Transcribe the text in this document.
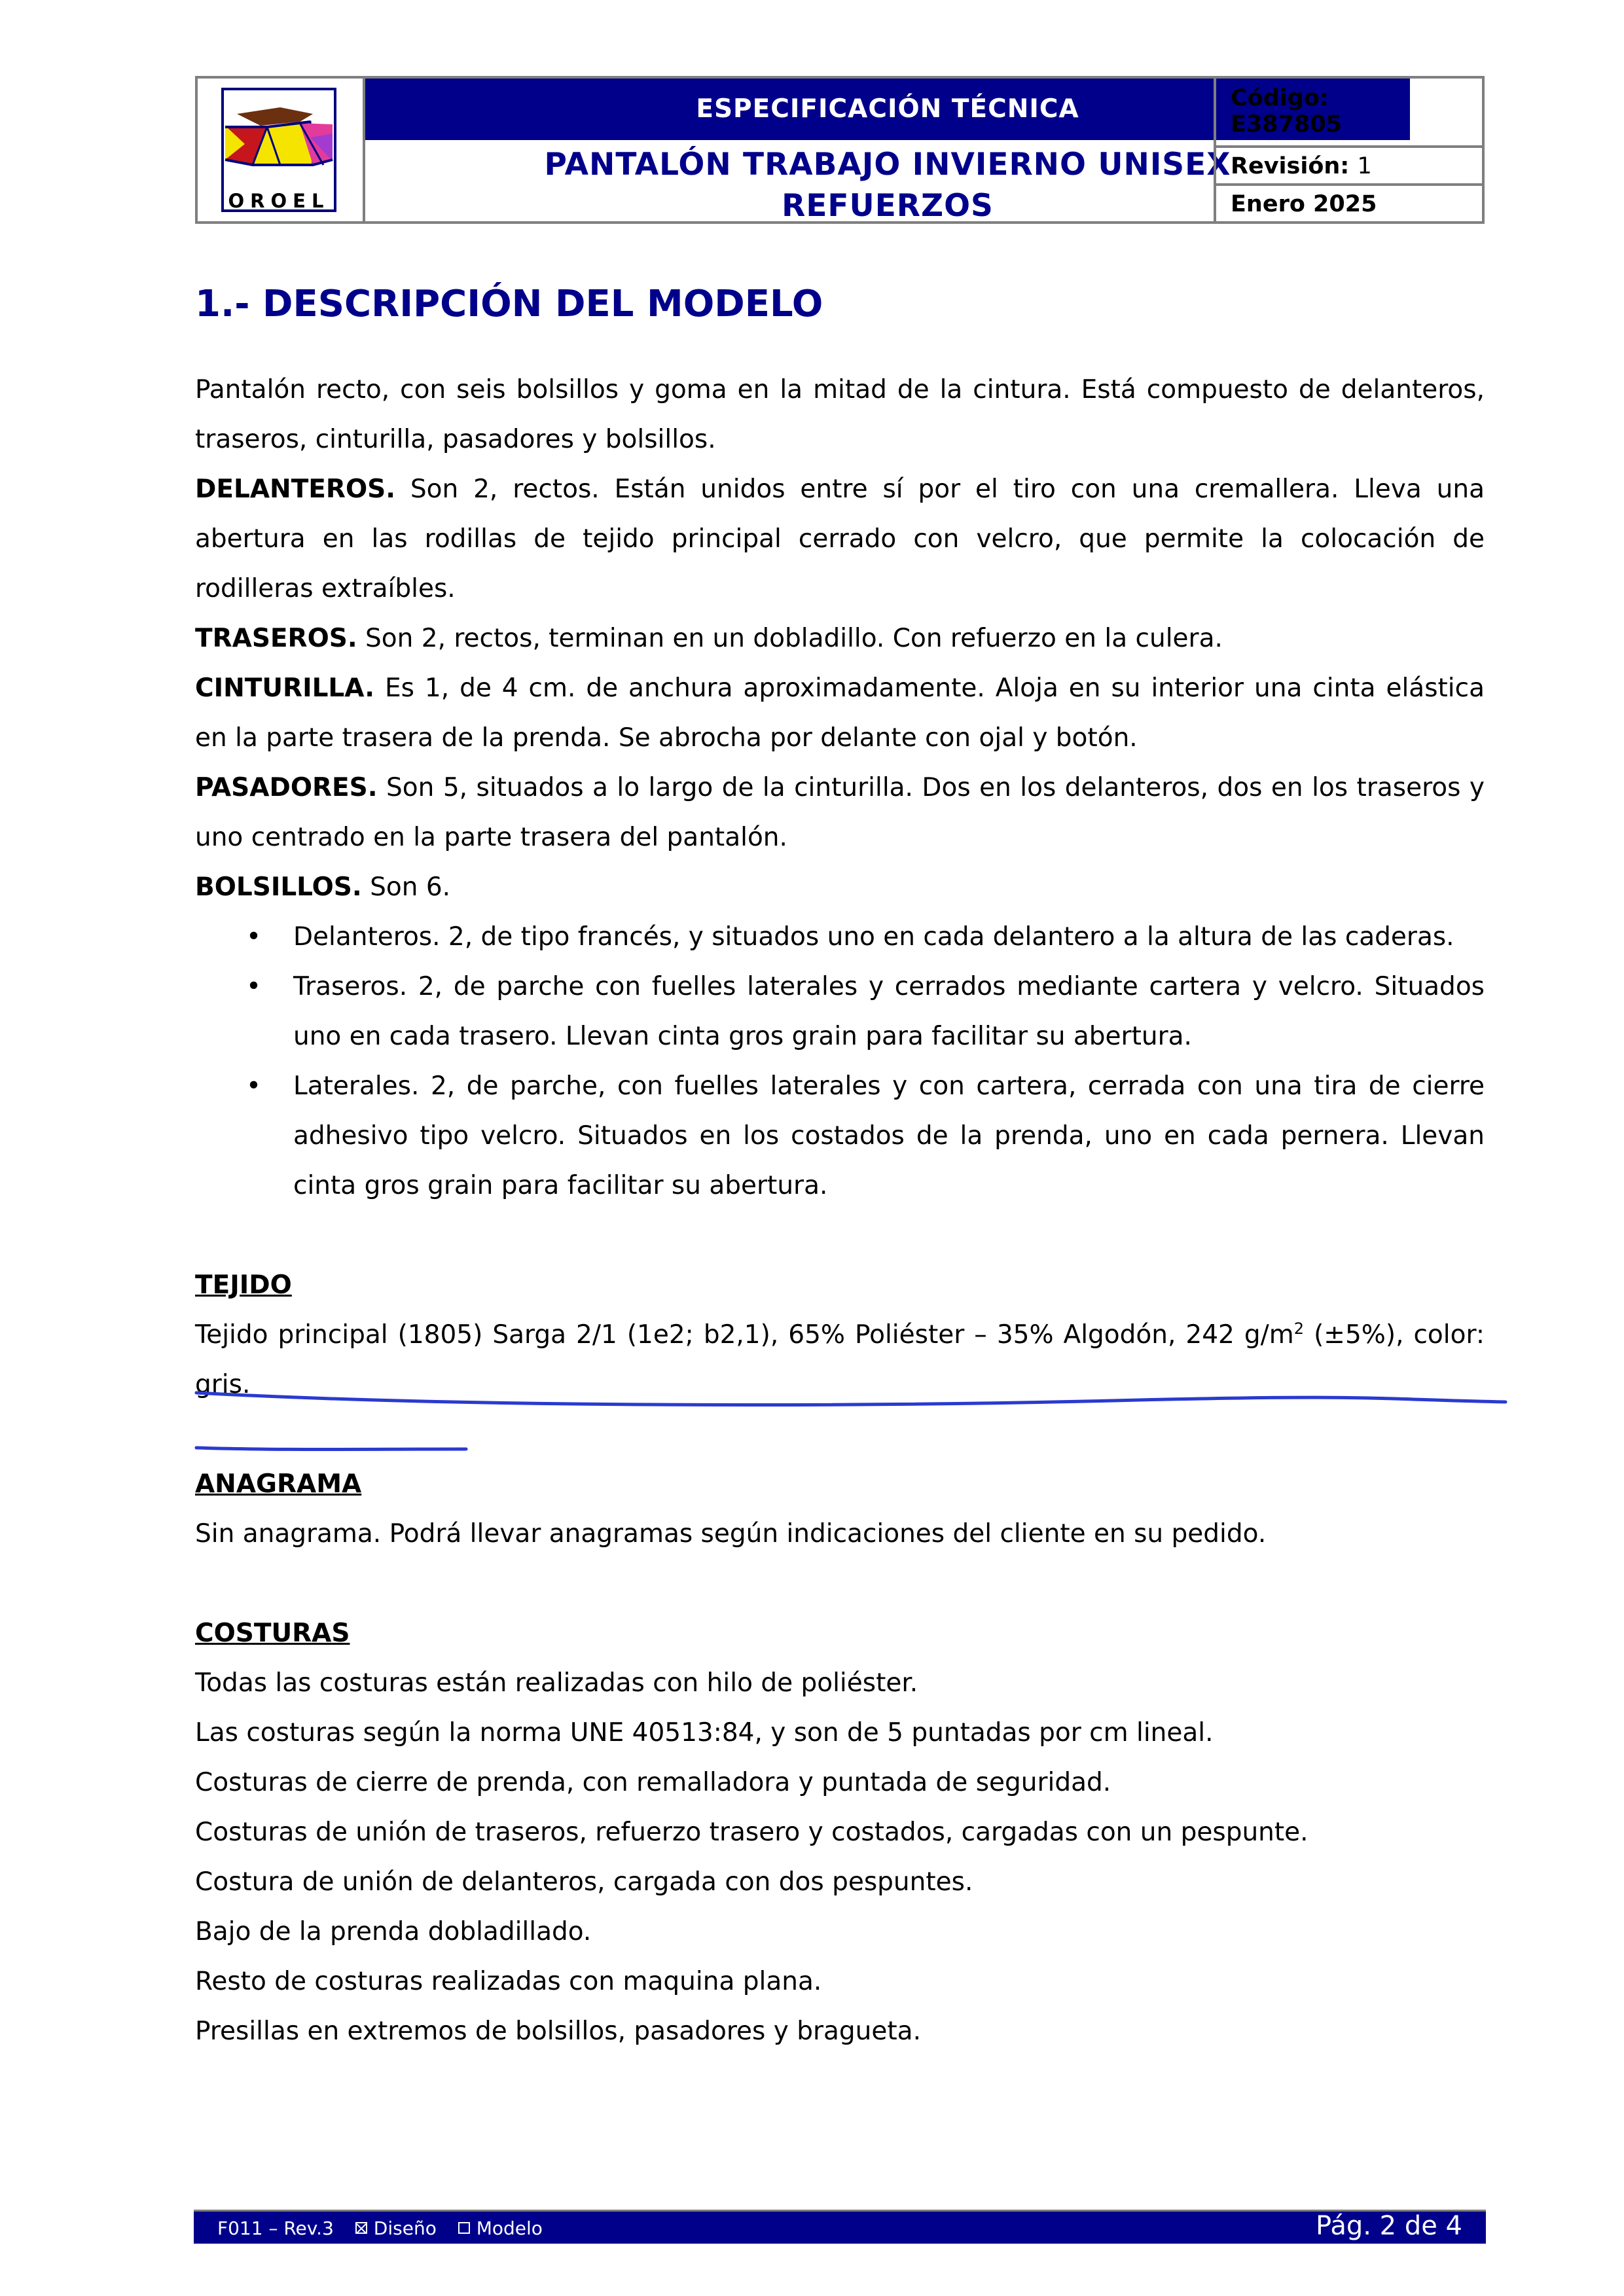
OROEL
ESPECIFICACIÓN TÉCNICA
PANTALÓN TRABAJO INVIERNO UNISEX
REFUERZOS
Código:
E387805
Revisión: 1
Enero 2025
1.- DESCRIPCIÓN DEL MODELO

Pantalón recto, con seis bolsillos y goma en la mitad de la cintura. Está compuesto de delanteros, traseros, cinturilla, pasadores y bolsillos.

DELANTEROS. Son 2, rectos. Están unidos entre sí por el tiro con una cremallera. Lleva una abertura en las rodillas de tejido principal cerrado con velcro, que permite la colocación de rodilleras extraíbles.

TRASEROS. Son 2, rectos, terminan en un dobladillo. Con refuerzo en la culera.

CINTURILLA. Es 1, de 4 cm. de anchura aproximadamente. Aloja en su interior una cinta elástica en la parte trasera de la prenda. Se abrocha por delante con ojal y botón.

PASADORES. Son 5, situados a lo largo de la cinturilla. Dos en los delanteros, dos en los traseros y uno centrado en la parte trasera del pantalón.

BOLSILLOS. Son 6.

• Delanteros. 2, de tipo francés, y situados uno en cada delantero a la altura de las caderas.
• Traseros. 2, de parche con fuelles laterales y cerrados mediante cartera y velcro. Situados uno en cada trasero. Llevan cinta gros grain para facilitar su abertura.
• Laterales. 2, de parche, con fuelles laterales y con cartera, cerrada con una tira de cierre adhesivo tipo velcro. Situados en los costados de la prenda, uno en cada pernera. Llevan cinta gros grain para facilitar su abertura.

TEJIDO

Tejido principal (1805) Sarga 2/1 (1e2; b2,1), 65% Poliéster – 35% Algodón, 242 $g/m^2$ (±5%), color: gris.

ANAGRAMA

Sin anagrama. Podrá llevar anagramas según indicaciones del cliente en su pedido.

COSTURAS

Todas las costuras están realizadas con hilo de poliéster.

Las costuras según la norma UNE 40513:84, y son de 5 puntadas por cm lineal.

Costuras de cierre de prenda, con remalladora y puntada de seguridad.

Costuras de unión de traseros, refuerzo trasero y costados, cargadas con un pespunte.

Costura de unión de delanteros, cargada con dos pespuntes.

Bajo de la prenda dobladillado.

Resto de costuras realizadas con maquina plana.

Presillas en extremos de bolsillos, pasadores y bragueta.

F011 – Rev.3 Diseño Modelo	Pág. 2 de 4
